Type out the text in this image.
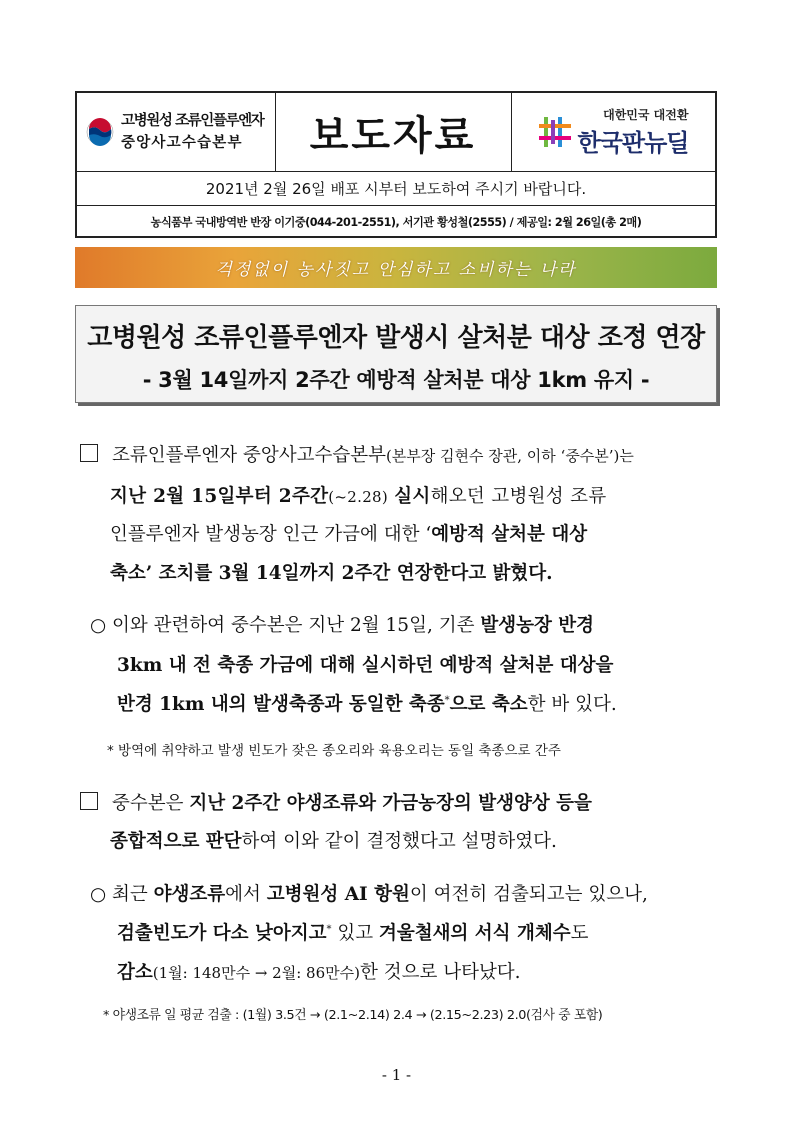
고병원성 조류인플루엔자
중앙사고수습본부	보도자료	대한민국 대전환
한국판뉴딜
2021년 2월 26일 배포 시부터 보도하여 주시기 바랍니다.
농식품부 국내방역반 반장 이기중(044-201-2551), 서기관 황성철(2555) / 제공일: 2월 26일(총 2매)
걱정없이 농사짓고 안심하고 소비하는 나라
고병원성 조류인플루엔자 발생시 살처분 대상 조정 연장
- 3월 14일까지 2주간 예방적 살처분 대상 1km 유지 -
조류인플루엔자 중앙사고수습본부(본부장 김현수 장관, 이하 ‘중수본’)는
지난 2월 15일부터 2주간(~2.28) 실시해오던 고병원성 조류
인플루엔자 발생농장 인근 가금에 대한 ‘예방적 살처분 대상
축소’ 조치를 3월 14일까지 2주간 연장한다고 밝혔다.
○ 이와 관련하여 중수본은 지난 2월 15일, 기존 발생농장 반경
3km 내 전 축종 가금에 대해 실시하던 예방적 살처분 대상을
반경 1km 내의 발생축종과 동일한 축종*으로 축소한 바 있다.
* 방역에 취약하고 발생 빈도가 잦은 종오리와 육용오리는 동일 축종으로 간주
중수본은 지난 2주간 야생조류와 가금농장의 발생양상 등을
종합적으로 판단하여 이와 같이 결정했다고 설명하였다.
○ 최근 야생조류에서 고병원성 AI 항원이 여전히 검출되고는 있으나,
검출빈도가 다소 낮아지고* 있고 겨울철새의 서식 개체수도
감소(1월: 148만수 → 2월: 86만수)한 것으로 나타났다.
* 야생조류 일 평균 검출 : (1월) 3.5건 → (2.1~2.14) 2.4 → (2.15~2.23) 2.0(검사 중 포함)
- 1 -
